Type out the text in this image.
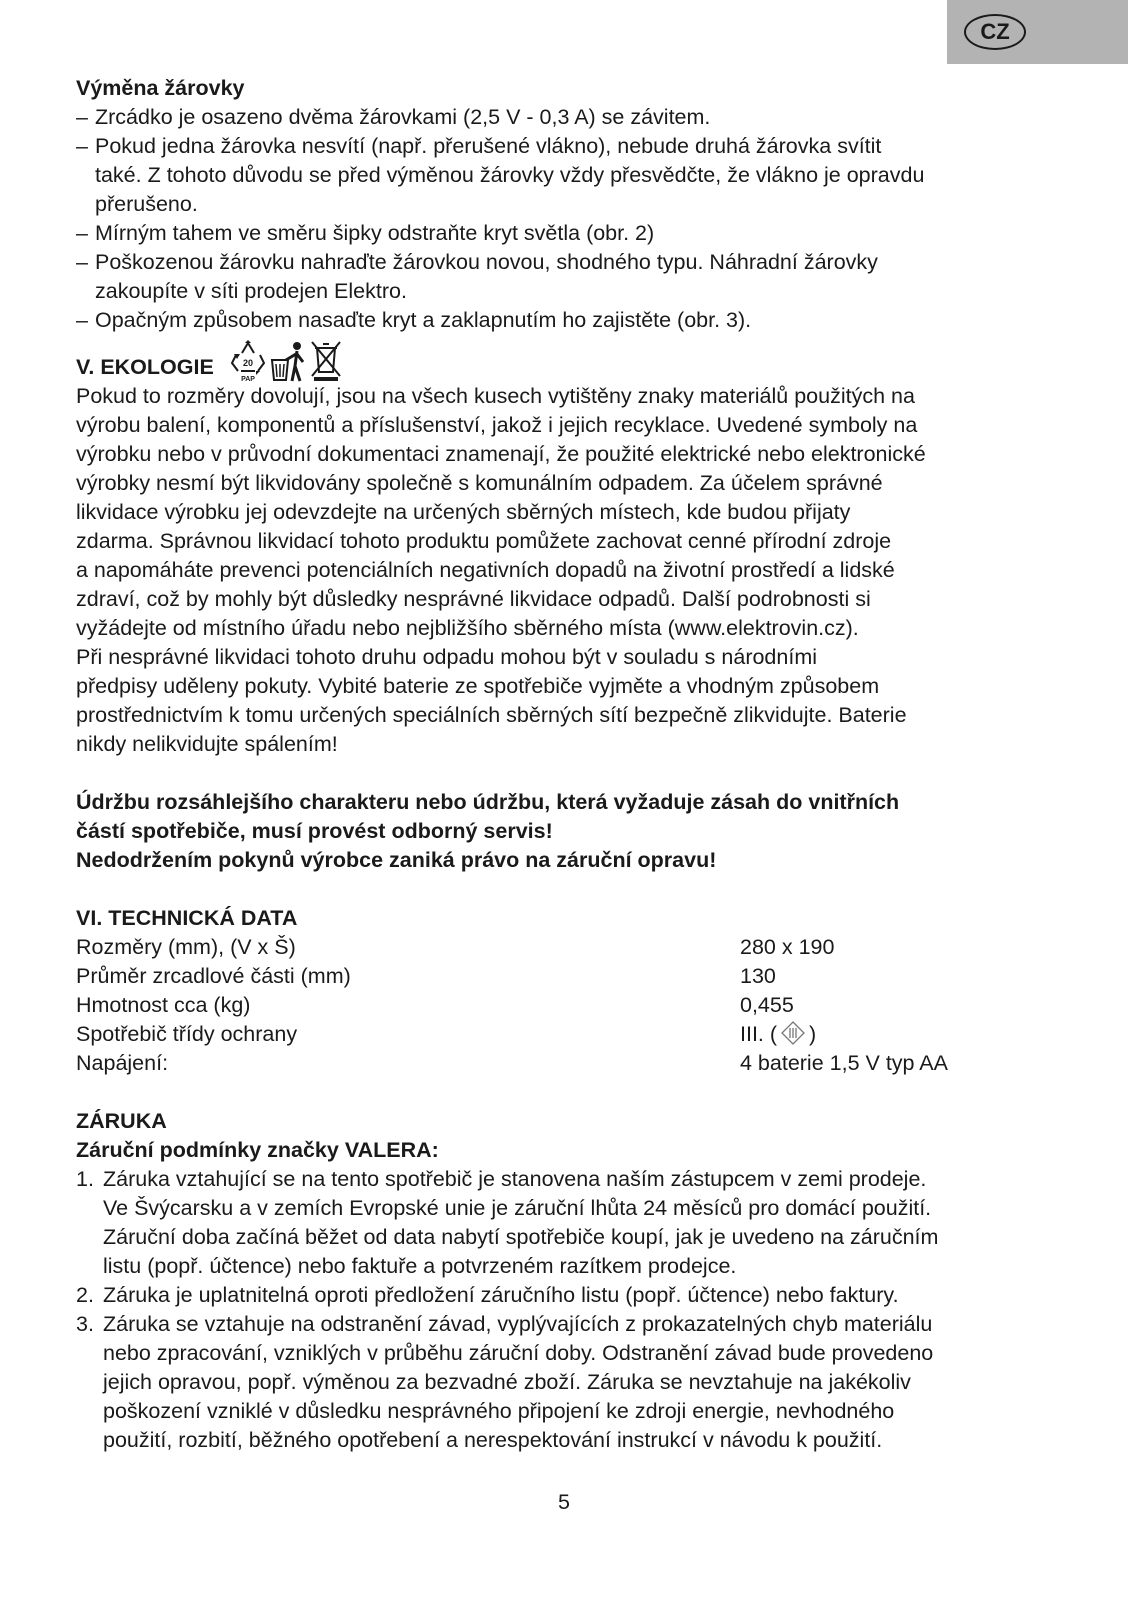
CZ
Výměna žárovky
– Zrcádko je osazeno dvěma žárovkami (2,5 V - 0,3 A) se závitem.
– Pokud jedna žárovka nesvítí (např. přerušené vlákno), nebude druhá žárovka svítit
také. Z tohoto důvodu se před výměnou žárovky vždy přesvědčte, že vlákno je opravdu
přerušeno.
– Mírným tahem ve směru šipky odstraňte kryt světla (obr. 2)
– Poškozenou žárovku nahraďte žárovkou novou, shodného typu. Náhradní žárovky
zakoupíte v síti prodejen Elektro.
– Opačným způsobem nasaďte kryt a zaklapnutím ho zajistěte (obr. 3).
V. EKOLOGIE	20
PAP
Pokud to rozměry dovolují, jsou na všech kusech vytištěny znaky materiálů použitých na
výrobu balení, komponentů a příslušenství, jakož i jejich recyklace. Uvedené symboly na
výrobku nebo v průvodní dokumentaci znamenají, že použité elektrické nebo elektronické
výrobky nesmí být likvidovány společně s komunálním odpadem. Za účelem správné
likvidace výrobku jej odevzdejte na určených sběrných místech, kde budou přijaty
zdarma. Správnou likvidací tohoto produktu pomůžete zachovat cenné přírodní zdroje
a napomáháte prevenci potenciálních negativních dopadů na životní prostředí a lidské
zdraví, což by mohly být důsledky nesprávné likvidace odpadů. Další podrobnosti si
vyžádejte od místního úřadu nebo nejbližšího sběrného místa (www.elektrovin.cz).
Při nesprávné likvidaci tohoto druhu odpadu mohou být v souladu s národními
předpisy uděleny pokuty. Vybité baterie ze spotřebiče vyjměte a vhodným způsobem
prostřednictvím k tomu určených speciálních sběrných sítí bezpečně zlikvidujte. Baterie
nikdy nelikvidujte spálením!
Údržbu rozsáhlejšího charakteru nebo údržbu, která vyžaduje zásah do vnitřních
částí spotřebiče, musí provést odborný servis!
Nedodržením pokynů výrobce zaniká právo na záruční opravu!
VI. TECHNICKÁ DATA
Rozměry (mm), (V x Š)	280 x 190
Průměr zrcadlové části (mm)	130
Hmotnost cca (kg)	0,455
Spotřebič třídy ochrany	III. ( )
Napájení:	4 baterie 1,5 V typ AA
ZÁRUKA
Záruční podmínky značky VALERA:
1. Záruka vztahující se na tento spotřebič je stanovena naším zástupcem v zemi prodeje.
Ve Švýcarsku a v zemích Evropské unie je záruční lhůta 24 měsíců pro domácí použití.
Záruční doba začíná běžet od data nabytí spotřebiče koupí, jak je uvedeno na záručním
listu (popř. účtence) nebo faktuře a potvrzeném razítkem prodejce.
2. Záruka je uplatnitelná oproti předložení záručního listu (popř. účtence) nebo faktury.
3. Záruka se vztahuje na odstranění závad, vyplývajících z prokazatelných chyb materiálu
nebo zpracování, vzniklých v průběhu záruční doby. Odstranění závad bude provedeno
jejich opravou, popř. výměnou za bezvadné zboží. Záruka se nevztahuje na jakékoliv
poškození vzniklé v důsledku nesprávného připojení ke zdroji energie, nevhodného
použití, rozbití, běžného opotřebení a nerespektování instrukcí v návodu k použití.
5
